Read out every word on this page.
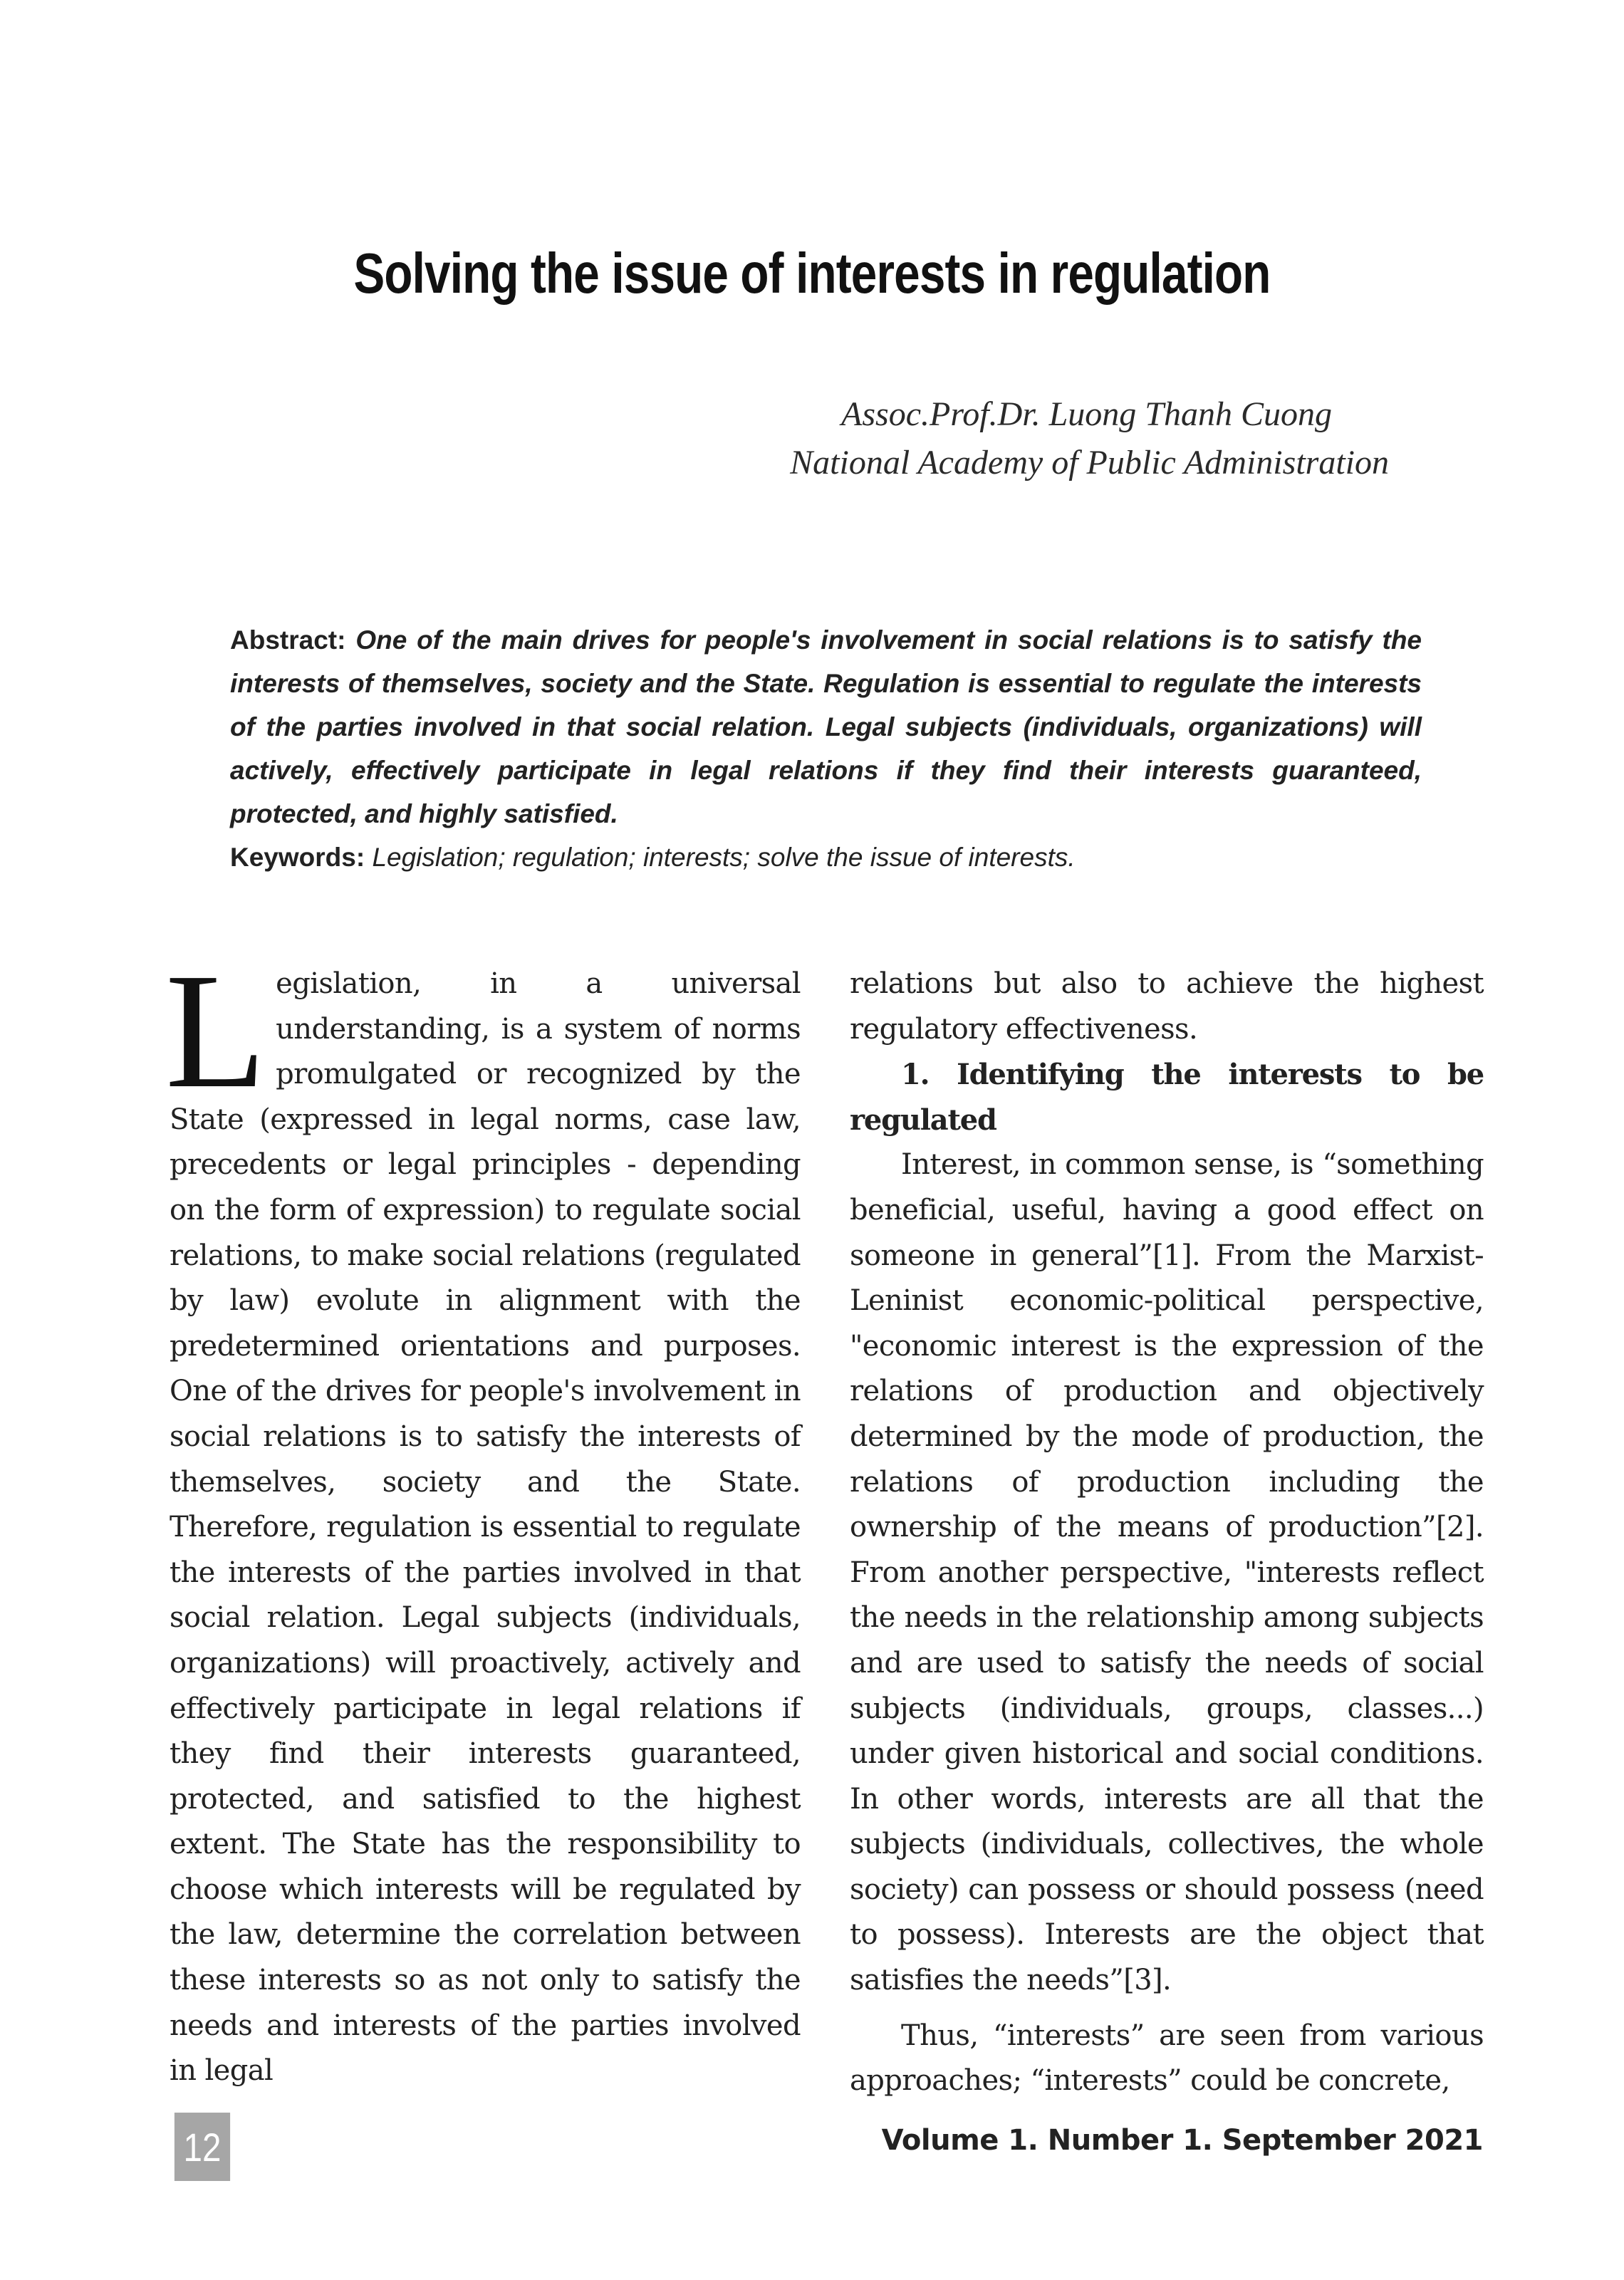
Solving the issue of interests in regulation
Assoc.Prof.Dr. Luong Thanh Cuong
National Academy of Public Administration
Abstract: One of the main drives for people's involvement in social relations is to satisfy the interests of themselves, society and the State. Regulation is essential to regulate the interests of the parties involved in that social relation. Legal subjects (individuals, organizations) will actively, effectively participate in legal relations if they find their interests guaranteed, protected, and highly satisfied.
Keywords: Legislation; regulation; interests; solve the issue of interests.

Legislation, in a universal understanding, is a system of norms promulgated or recognized by the State (expressed in legal norms, case law, precedents or legal principles - depending on the form of expression) to regulate social relations, to make social relations (regulated by law) evolute in alignment with the predetermined orientations and purposes. One of the drives for people's involvement in social relations is to satisfy the interests of themselves, society and the State. Therefore, regulation is essential to regulate the interests of the parties involved in that social relation. Legal subjects (individuals, organizations) will proactively, actively and effectively participate in legal relations if they find their interests guaranteed, protected, and satisfied to the highest extent. The State has the responsibility to choose which interests will be regulated by the law, determine the correlation between these interests so as not only to satisfy the needs and interests of the parties involved in legal

relations but also to achieve the highest regulatory effectiveness.

1. Identifying the interests to be regulated

Interest, in common sense, is “something beneficial, useful, having a good effect on someone in general”[1]. From the Marxist-Leninist economic-political perspective, "economic interest is the expression of the relations of production and objectively determined by the mode of production, the relations of production including the ownership of the means of production”[2]. From another perspective, "interests reflect the needs in the relationship among subjects and are used to satisfy the needs of social subjects (individuals, groups, classes...) under given historical and social conditions. In other words, interests are all that the subjects (individuals, collectives, the whole society) can possess or should possess (need to possess). Interests are the object that satisfies the needs”[3].

Thus, “interests” are seen from various approaches; “interests” could be concrete,

12	Volume 1. Number 1. September 2021
